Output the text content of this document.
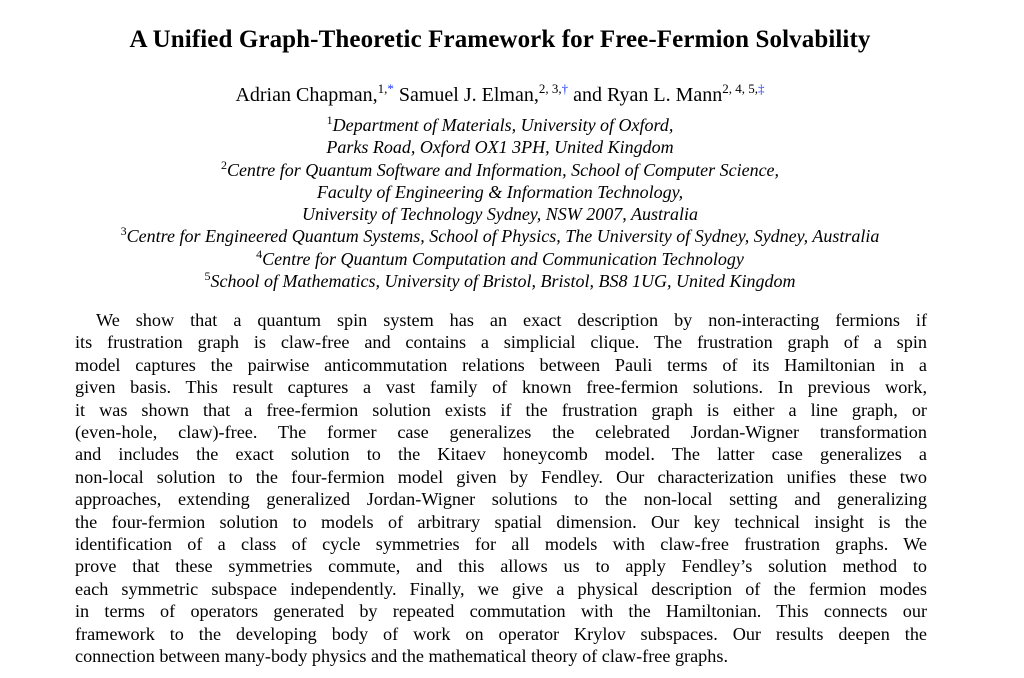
A Unified Graph-Theoretic Framework for Free-Fermion Solvability
Adrian Chapman,$^{1,*}$ Samuel J. Elman,$^{2, 3,\dagger}$ and Ryan L. Mann$^{2, 4, 5,\ddagger}$
$^1$Department of Materials, University of Oxford,
Parks Road, Oxford OX1 3PH, United Kingdom
$^2$Centre for Quantum Software and Information, School of Computer Science,
Faculty of Engineering & Information Technology,
University of Technology Sydney, NSW 2007, Australia
$^3$Centre for Engineered Quantum Systems, School of Physics, The University of Sydney, Sydney, Australia
$^4$Centre for Quantum Computation and Communication Technology
$^5$School of Mathematics, University of Bristol, Bristol, BS8 1UG, United Kingdom
We show that a quantum spin system has an exact description by non-interacting fermions if
its frustration graph is claw-free and contains a simplicial clique. The frustration graph of a spin
model captures the pairwise anticommutation relations between Pauli terms of its Hamiltonian in a
given basis. This result captures a vast family of known free-fermion solutions. In previous work,
it was shown that a free-fermion solution exists if the frustration graph is either a line graph, or
(even-hole, claw)-free. The former case generalizes the celebrated Jordan-Wigner transformation
and includes the exact solution to the Kitaev honeycomb model. The latter case generalizes a
non-local solution to the four-fermion model given by Fendley. Our characterization unifies these two
approaches, extending generalized Jordan-Wigner solutions to the non-local setting and generalizing
the four-fermion solution to models of arbitrary spatial dimension. Our key technical insight is the
identification of a class of cycle symmetries for all models with claw-free frustration graphs. We
prove that these symmetries commute, and this allows us to apply Fendley’s solution method to
each symmetric subspace independently. Finally, we give a physical description of the fermion modes
in terms of operators generated by repeated commutation with the Hamiltonian. This connects our
framework to the developing body of work on operator Krylov subspaces. Our results deepen the
connection between many-body physics and the mathematical theory of claw-free graphs.
